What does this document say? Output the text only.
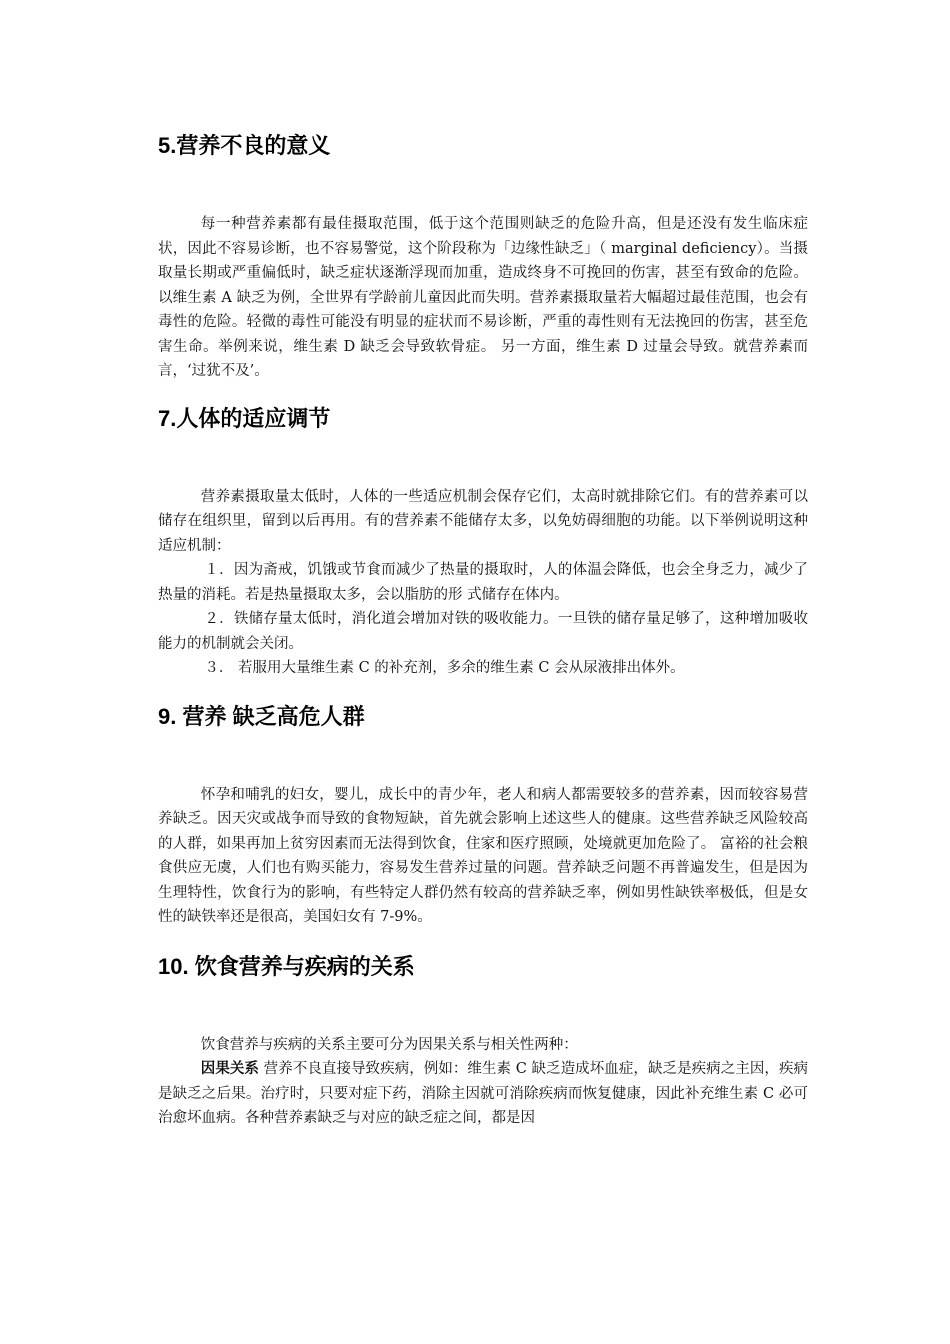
5.营养不良的意义

每一种营养素都有最佳摄取范围，低于这个范围则缺乏的危险升高，但是还没有发生临床症状，因此不容易诊断，也不容易警觉，这个阶段称为「边缘性缺乏」（ marginal deficiency）。当摄取量长期或严重偏低时，缺乏症状逐渐浮现而加重，造成终身不可挽回的伤害，甚至有致命的危险。以维生素 A 缺乏为例，全世界有学龄前儿童因此而失明。营养素摄取量若大幅超过最佳范围，也会有毒性的危险。轻微的毒性可能没有明显的症状而不易诊断，严重的毒性则有无法挽回的伤害，甚至危害生命。举例来说，维生素 D 缺乏会导致软骨症。 另一方面，维生素 D 过量会导致。就营养素而言，‘过犹不及’。

7.人体的适应调节

营养素摄取量太低时，人体的一些适应机制会保存它们，太高时就排除它们。有的营养素可以储存在组织里，留到以后再用。有的营养素不能储存太多，以免妨碍细胞的功能。以下举例说明这种适应机制：

１．因为斋戒，饥饿或节食而减少了热量的摄取时，人的体温会降低，也会全身乏力，减少了热量的消耗。若是热量摄取太多，会以脂肪的形 式储存在体内。

２．铁储存量太低时，消化道会增加对铁的吸收能力。一旦铁的储存量足够了，这种增加吸收能力的机制就会关闭。

３． 若服用大量维生素 C 的补充剂，多余的维生素 C 会从尿液排出体外。

9. 营养 缺乏高危人群

怀孕和哺乳的妇女，婴儿，成长中的青少年，老人和病人都需要较多的营养素，因而较容易营养缺乏。因天灾或战争而导致的食物短缺，首先就会影响上述这些人的健康。这些营养缺乏风险较高的人群，如果再加上贫穷因素而无法得到饮食，住家和医疗照顾，处境就更加危险了。 富裕的社会粮食供应无虞，人们也有购买能力，容易发生营养过量的问题。营养缺乏问题不再普遍发生，但是因为生理特性，饮食行为的影响，有些特定人群仍然有较高的营养缺乏率，例如男性缺铁率极低，但是女性的缺铁率还是很高，美国妇女有 7-9%。

10. 饮食营养与疾病的关系

饮食营养与疾病的关系主要可分为因果关系与相关性两种：

因果关系 营养不良直接导致疾病，例如：维生素 C 缺乏造成坏血症，缺乏是疾病之主因，疾病是缺乏之后果。治疗时，只要对症下药，消除主因就可消除疾病而恢复健康，因此补充维生素 C 必可治愈坏血病。各种营养素缺乏与对应的缺乏症之间，都是因
